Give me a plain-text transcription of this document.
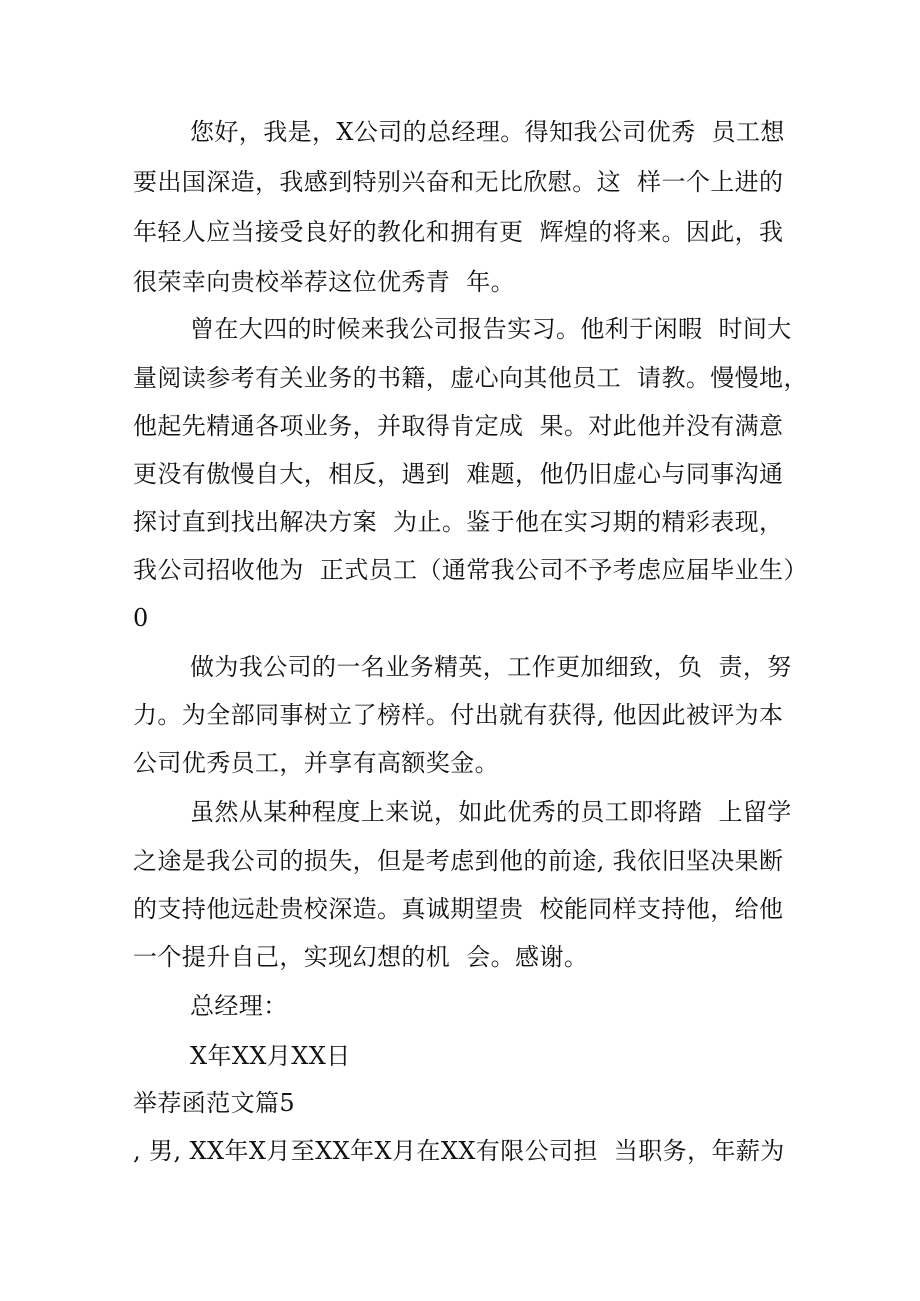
您好，我是，X公司的总经理。得知我公司优秀  员工想
要出国深造，我感到特别兴奋和无比欣慰。这  样一个上进的
年轻人应当接受良好的教化和拥有更  辉煌的将来。因此，我
很荣幸向贵校举荐这位优秀青  年。
曾在大四的时候来我公司报告实习。他利于闲暇  时间大
量阅读参考有关业务的书籍，虚心向其他员工  请教。慢慢地，
他起先精通各项业务，并取得肯定成  果。对此他并没有满意
更没有傲慢自大，相反，遇到  难题，他仍旧虚心与同事沟通
探讨直到找出解决方案  为止。鉴于他在实习期的精彩表现，
我公司招收他为  正式员工（通常我公司不予考虑应届毕业生）
0
做为我公司的一名业务精英，工作更加细致，负  责，努
力。为全部同事树立了榜样。付出就有获得, 他因此被评为本
公司优秀员工，并享有高额奖金。
虽然从某种程度上来说，如此优秀的员工即将踏  上留学
之途是我公司的损失，但是考虑到他的前途, 我依旧坚决果断
的支持他远赴贵校深造。真诚期望贵  校能同样支持他，给他
一个提升自己，实现幻想的机  会。感谢。
总经理：
X年XX月XX日
举荐函范文篇5
, 男, XX年X月至XX年X月在XX有限公司担  当职务，年薪为
